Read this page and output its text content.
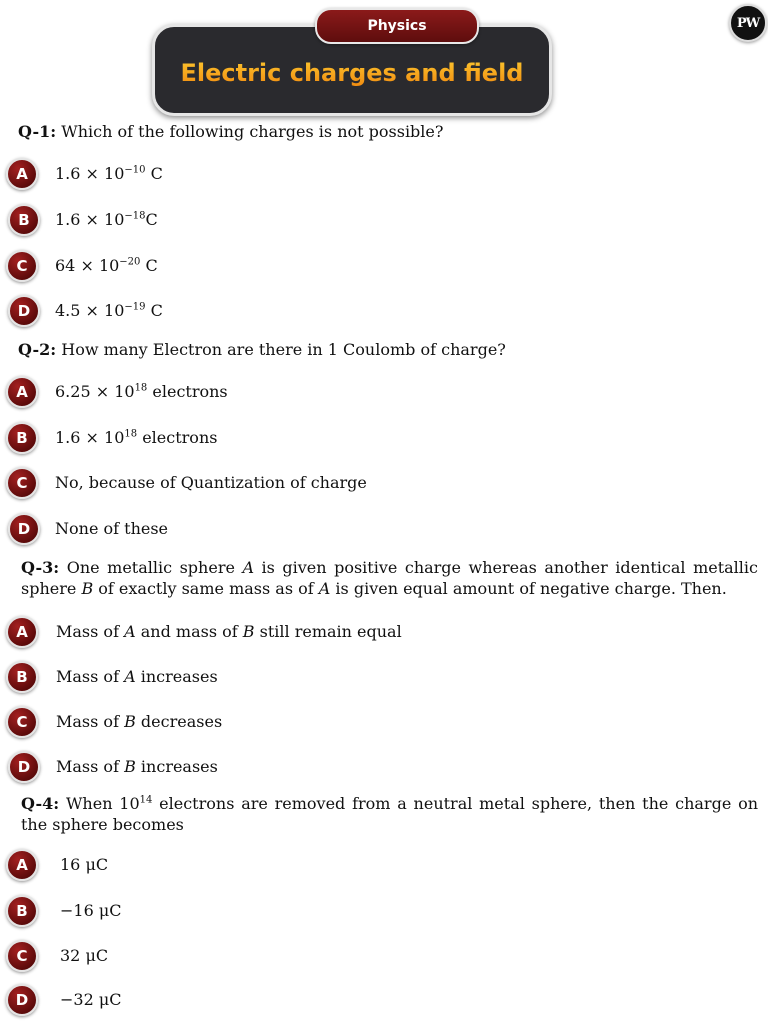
Physics
Electric charges and field
PW
Q-1: Which of the following charges is not possible?
A	$1.6 \times 10^{-10}$ C
B	$1.6 \times 10^{-18}C$
C	$64 \times 10^{-20}$ C
D	$4.5 \times 10^{-19}$ C
Q-2: How many Electron are there in 1 Coulomb of charge?
A	$6.25 \times 10^{18}$ electrons
B	$1.6 \times 10^{18}$ electrons
C	No, because of Quantization of charge
D	None of these
Q-3: One metallic sphere A is given positive charge whereas another identical metallic sphere B of exactly same mass as of A is given equal amount of negative charge. Then.
A	Mass of A and mass of B still remain equal
B	Mass of A increases
C	Mass of B decreases
D	Mass of B increases
Q-4: When $10^{14}$ electrons are removed from a neutral metal sphere, then the charge on the sphere becomes
A	16 μC
B	−16 μC
C	32 μC
D	−32 μC
